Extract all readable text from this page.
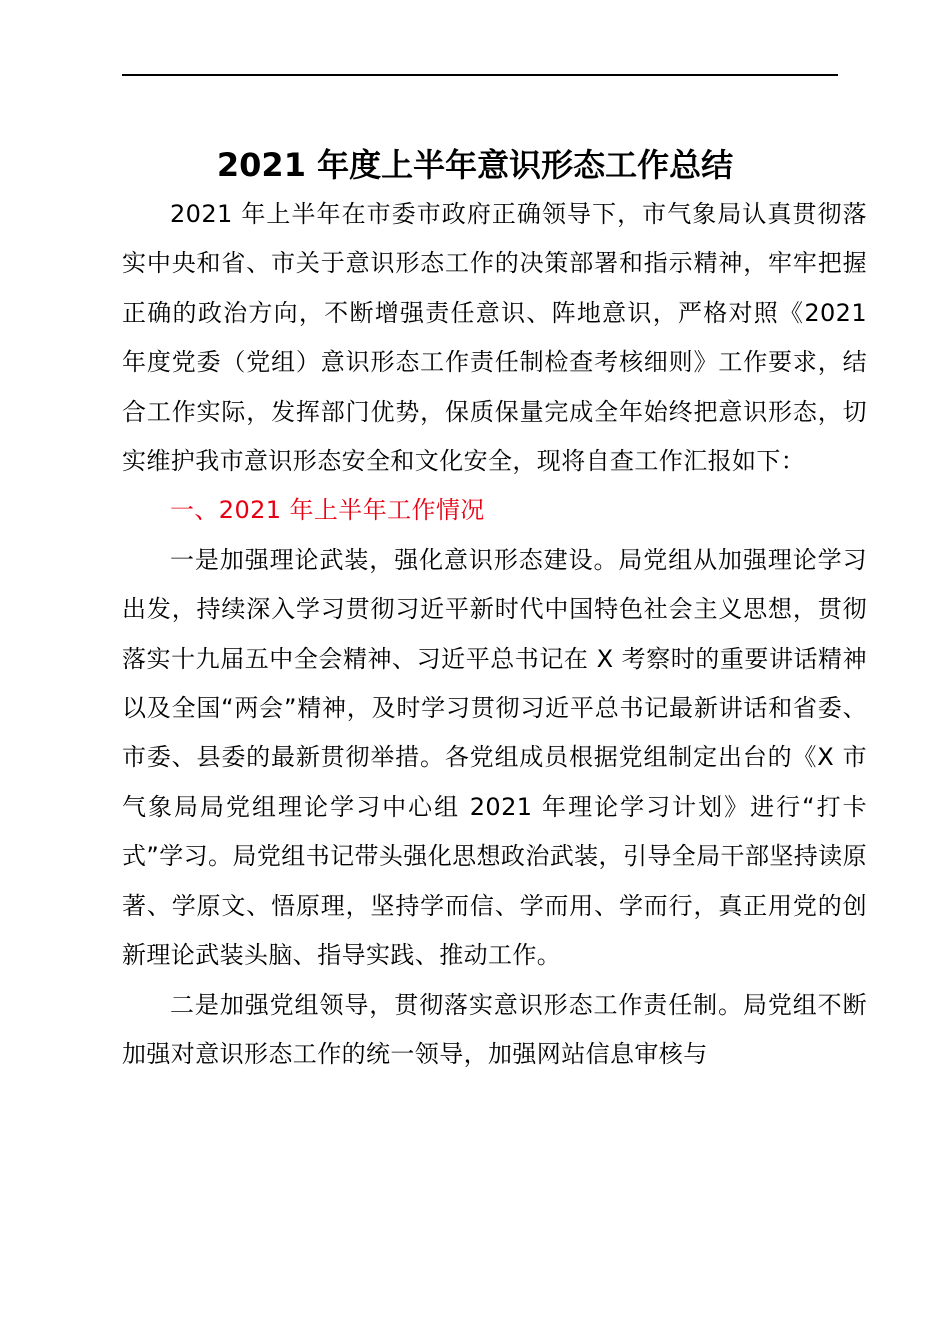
2021 年度上半年意识形态工作总结

2021 年上半年在市委市政府正确领导下，市气象局认真贯彻落实中央和省、市关于意识形态工作的决策部署和指示精神，牢牢把握正确的政治方向，不断增强责任意识、阵地意识，严格对照《2021 年度党委（党组）意识形态工作责任制检查考核细则》工作要求，结合工作实际，发挥部门优势，保质保量完成全年始终把意识形态，切实维护我市意识形态安全和文化安全，现将自查工作汇报如下：

一、2021 年上半年工作情况

一是加强理论武装，强化意识形态建设。局党组从加强理论学习出发，持续深入学习贯彻习近平新时代中国特色社会主义思想，贯彻落实十九届五中全会精神、习近平总书记在 X 考察时的重要讲话精神以及全国“两会”精神，及时学习贯彻习近平总书记最新讲话和省委、市委、县委的最新贯彻举措。各党组成员根据党组制定出台的《X 市气象局局党组理论学习中心组 2021 年理论学习计划》进行“打卡式”学习。局党组书记带头强化思想政治武装，引导全局干部坚持读原著、学原文、悟原理，坚持学而信、学而用、学而行，真正用党的创新理论武装头脑、指导实践、推动工作。

二是加强党组领导，贯彻落实意识形态工作责任制。局党组不断加强对意识形态工作的统一领导，加强网站信息审核与
